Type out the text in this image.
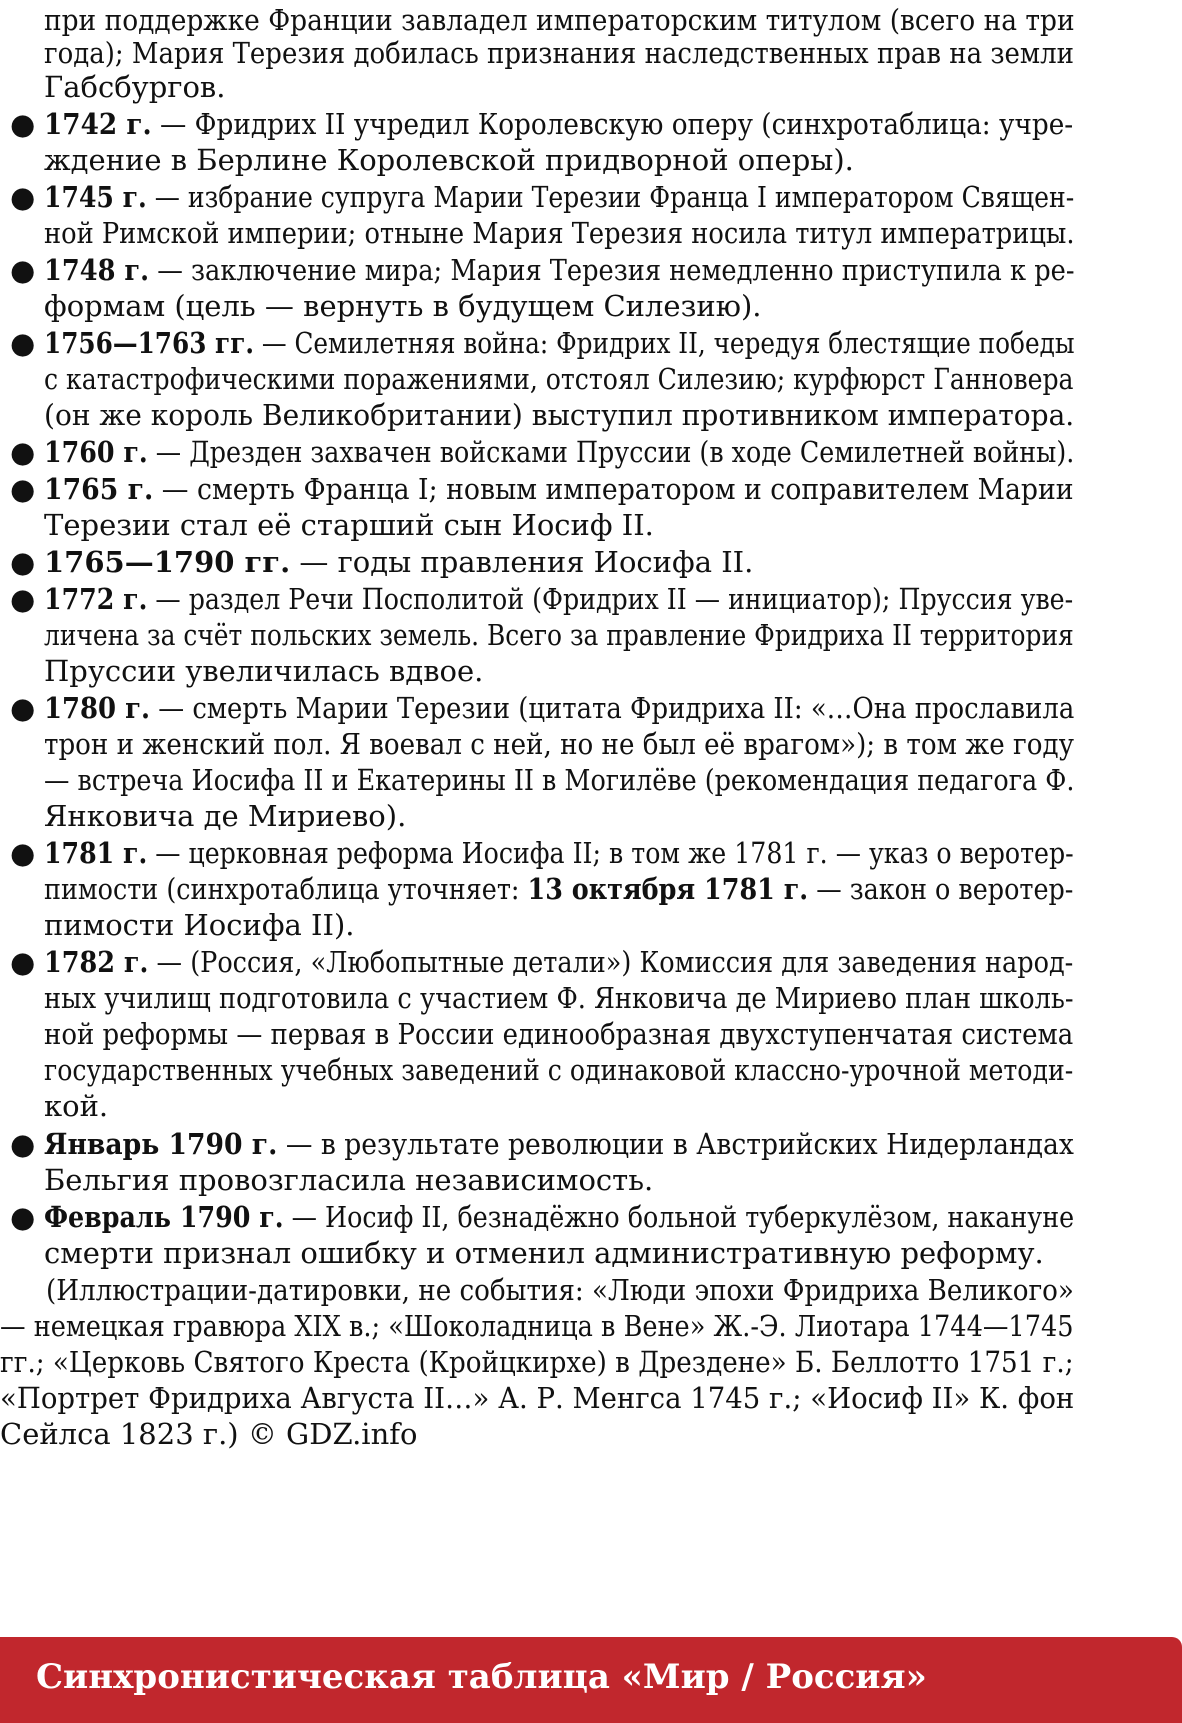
при поддержке Франции завладел императорским титулом (всего на три
года); Мария Терезия добилась признания наследственных прав на земли
Габсбургов.
● 1742 г. — Фридрих II учредил Королевскую оперу (синхротаблица: учре-
ждение в Берлине Королевской придворной оперы).
● 1745 г. — избрание супруга Марии Терезии Франца I императором Священ-
ной Римской империи; отныне Мария Терезия носила титул императрицы.
● 1748 г. — заключение мира; Мария Терезия немедленно приступила к ре-
формам (цель — вернуть в будущем Силезию).
● 1756—1763 гг. — Семилетняя война: Фридрих II, чередуя блестящие победы
с катастрофическими поражениями, отстоял Силезию; курфюрст Ганновера
(он же король Великобритании) выступил противником императора.
● 1760 г. — Дрезден захвачен войсками Пруссии (в ходе Семилетней войны).
● 1765 г. — смерть Франца I; новым императором и соправителем Марии
Терезии стал её старший сын Иосиф II.
● 1765—1790 гг. — годы правления Иосифа II.
● 1772 г. — раздел Речи Посполитой (Фридрих II — инициатор); Пруссия уве-
личена за счёт польских земель. Всего за правление Фридриха II территория
Пруссии увеличилась вдвое.
● 1780 г. — смерть Марии Терезии (цитата Фридриха II: «…Она прославила
трон и женский пол. Я воевал с ней, но не был её врагом»); в том же году
— встреча Иосифа II и Екатерины II в Могилёве (рекомендация педагога Ф.
Янковича де Мириево).
● 1781 г. — церковная реформа Иосифа II; в том же 1781 г. — указ о веротер-
пимости (синхротаблица уточняет: 13 октября 1781 г. — закон о веротер-
пимости Иосифа II).
● 1782 г. — (Россия, «Любопытные детали») Комиссия для заведения народ-
ных училищ подготовила с участием Ф. Янковича де Мириево план школь-
ной реформы — первая в России единообразная двухступенчатая система
государственных учебных заведений с одинаковой классно-урочной методи-
кой.
● Январь 1790 г. — в результате революции в Австрийских Нидерландах
Бельгия провозгласила независимость.
● Февраль 1790 г. — Иосиф II, безнадёжно больной туберкулёзом, накануне
смерти признал ошибку и отменил административную реформу.
(Иллюстрации-датировки, не события: «Люди эпохи Фридриха Великого»
— немецкая гравюра XIX в.; «Шоколадница в Вене» Ж.-Э. Лиотара 1744—1745
гг.; «Церковь Святого Креста (Кройцкирхе) в Дрездене» Б. Беллотто 1751 г.;
«Портрет Фридриха Августа II…» А. Р. Менгса 1745 г.; «Иосиф II» К. фон
Сейлса 1823 г.) © GDZ.info
Синхронистическая таблица «Мир / Россия»
